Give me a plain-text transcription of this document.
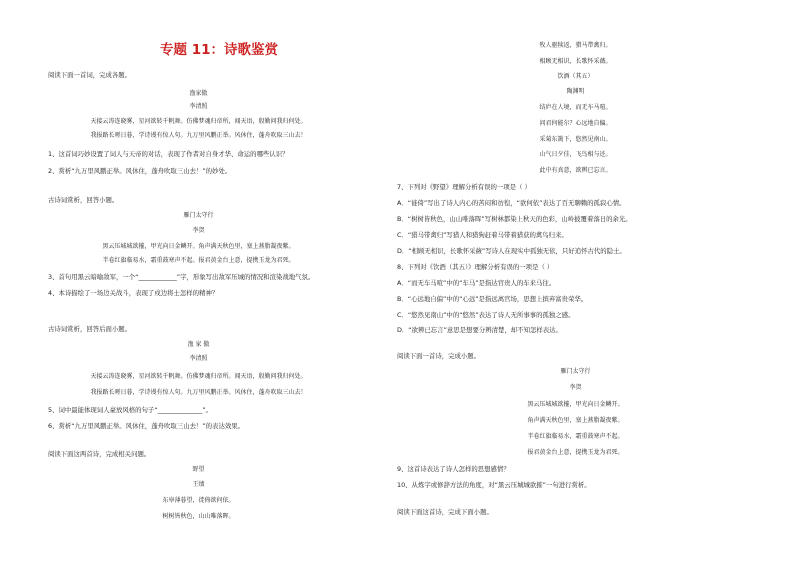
专题 11：诗歌鉴赏
阅读下面一首词，完成各题。
渔家傲
李清照
天接云涛连晓雾，星河欲转千帆舞。仿佛梦魂归帝所，闻天语，殷勤问我归何处。
我报路长嗟日暮，学诗谩有惊人句。九万里风鹏正举。风休住，蓬舟吹取三山去！
1、这首词巧妙设置了词人与天帝的对话，表现了作者对自身才华、命运的哪些认识？
2、赏析“九万里风鹏正举。风休住，蓬舟吹取三山去！”的妙处。
古诗词赏析，回答小题。
雁门太守行
李贺
黑云压城城欲摧，甲光向日金鳞开。角声满天秋色里，塞上燕脂凝夜紫。
半卷红旗临易水，霜重鼓寒声不起。报君黄金台上意，提携玉龙为君死。
3、首句用黑云暗喻敌军，一个“____________”字，形象写出敌军压城的情况和渲染战地气氛。
4、本诗描绘了一场边关战斗，表现了戍边将士怎样的精神？
古诗词赏析，回答后面小题。
渔 家 傲
李清照
天接云涛连晓雾，星河欲转千帆舞。仿佛梦魂归帝所。闻天语，殷勤问我归何处。
我报路长嗟日暮，学诗谩有惊人句。九万里风鹏正举。风休住，蓬舟吹取三山去！
5、词中最能体现词人豪放风格的句子“______________”。
6、赏析“九万里风鹏正举。风休住，蓬舟吹取三山去！”的表达效果。
阅读下面这两首诗，完成相关问题。
野望
王绩
东皋薄暮望，徙倚欲何依。
树树皆秋色，山山唯落晖。
牧人驱犊返，猎马带禽归。
相顾无相识，长歌怀采薇。
饮酒（其五）
陶渊明
结庐在人境，而无车马喧。
问君何能尔？心远地自偏。
采菊东篱下，悠然见南山。
山气日夕佳，飞鸟相与还。
此中有真意，欲辨已忘言。
7、下列对《野望》理解分析有误的一项是（ ）
A．“徙倚”写出了诗人内心的苦闷和彷徨，“欲何依”表达了百无聊赖的孤寂心情。
B．“树树皆秋色，山山唯落晖”写树林都染上秋天的色彩，山岭披覆着落日的余光。
C．“猎马带禽归”写猎人和猎狗赶着马带着猎获的禽鸟归来。
D．“相顾无相识，长歌怀采薇”写诗人在现实中孤独无依，只好追怀古代的隐士。
8、下列对《饮酒（其五）》理解分析有误的一项是（ ）
A．“而无车马喧”中的“车马”是指达官贵人的车来马往。
B．“心远地自偏”中的“心远”是指远离官场，思想上摈弃富贵荣华。
C．“悠然见南山”中的“悠然”表达了诗人无所事事的孤独之感。
D．“欲辨已忘言”意思是想要分辨清楚，却不知怎样表达。
阅读下面一首诗，完成小题。
雁门太守行
李贺
黑云压城城欲摧，甲光向日金鳞开。
角声满天秋色里，塞上燕脂凝夜紫。
半卷红旗临易水，霜重鼓寒声不起。
报君黄金台上意，提携玉龙为君死。
9、这首诗表达了诗人怎样的思想感情？
10、从炼字或修辞方法的角度，对“黑云压城城欲摧”一句进行赏析。
阅读下面这首诗，完成下面小题。
